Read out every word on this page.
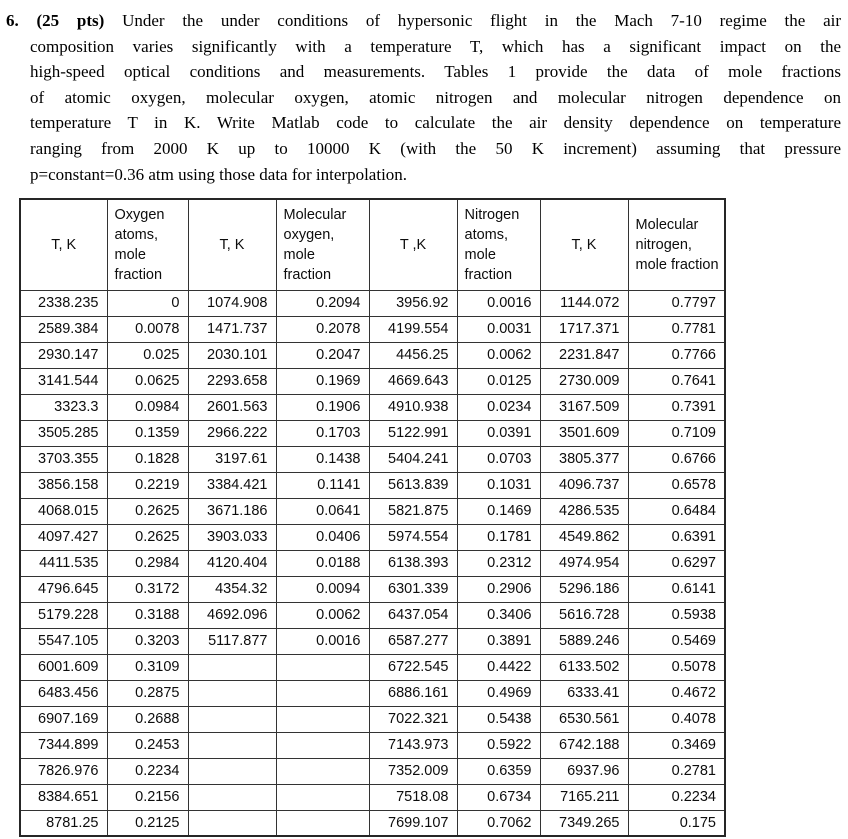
6. (25 pts) Under the under conditions of hypersonic flight in the Mach 7-10 regime the air
composition varies significantly with a temperature T, which has a significant impact on the
high-speed optical conditions and measurements. Tables 1 provide the data of mole fractions
of atomic oxygen, molecular oxygen, atomic nitrogen and molecular nitrogen dependence on
temperature T in K. Write Matlab code to calculate the air density dependence on temperature
ranging from 2000 K up to 10000 K (with the 50 K increment) assuming that pressure
p=constant=0.36 atm using those data for interpolation.
T, K	Oxygen atoms, mole fraction	T, K	Molecular oxygen, mole fraction	T ,K	Nitrogen atoms, mole fraction	T, K	Molecular nitrogen, mole fraction
2338.235	0	1074.908	0.2094	3956.92	0.0016	1144.072	0.7797
2589.384	0.0078	1471.737	0.2078	4199.554	0.0031	1717.371	0.7781
2930.147	0.025	2030.101	0.2047	4456.25	0.0062	2231.847	0.7766
3141.544	0.0625	2293.658	0.1969	4669.643	0.0125	2730.009	0.7641
3323.3	0.0984	2601.563	0.1906	4910.938	0.0234	3167.509	0.7391
3505.285	0.1359	2966.222	0.1703	5122.991	0.0391	3501.609	0.7109
3703.355	0.1828	3197.61	0.1438	5404.241	0.0703	3805.377	0.6766
3856.158	0.2219	3384.421	0.1141	5613.839	0.1031	4096.737	0.6578
4068.015	0.2625	3671.186	0.0641	5821.875	0.1469	4286.535	0.6484
4097.427	0.2625	3903.033	0.0406	5974.554	0.1781	4549.862	0.6391
4411.535	0.2984	4120.404	0.0188	6138.393	0.2312	4974.954	0.6297
4796.645	0.3172	4354.32	0.0094	6301.339	0.2906	5296.186	0.6141
5179.228	0.3188	4692.096	0.0062	6437.054	0.3406	5616.728	0.5938
5547.105	0.3203	5117.877	0.0016	6587.277	0.3891	5889.246	0.5469
6001.609	0.3109			6722.545	0.4422	6133.502	0.5078
6483.456	0.2875			6886.161	0.4969	6333.41	0.4672
6907.169	0.2688			7022.321	0.5438	6530.561	0.4078
7344.899	0.2453			7143.973	0.5922	6742.188	0.3469
7826.976	0.2234			7352.009	0.6359	6937.96	0.2781
8384.651	0.2156			7518.08	0.6734	7165.211	0.2234
8781.25	0.2125			7699.107	0.7062	7349.265	0.175
